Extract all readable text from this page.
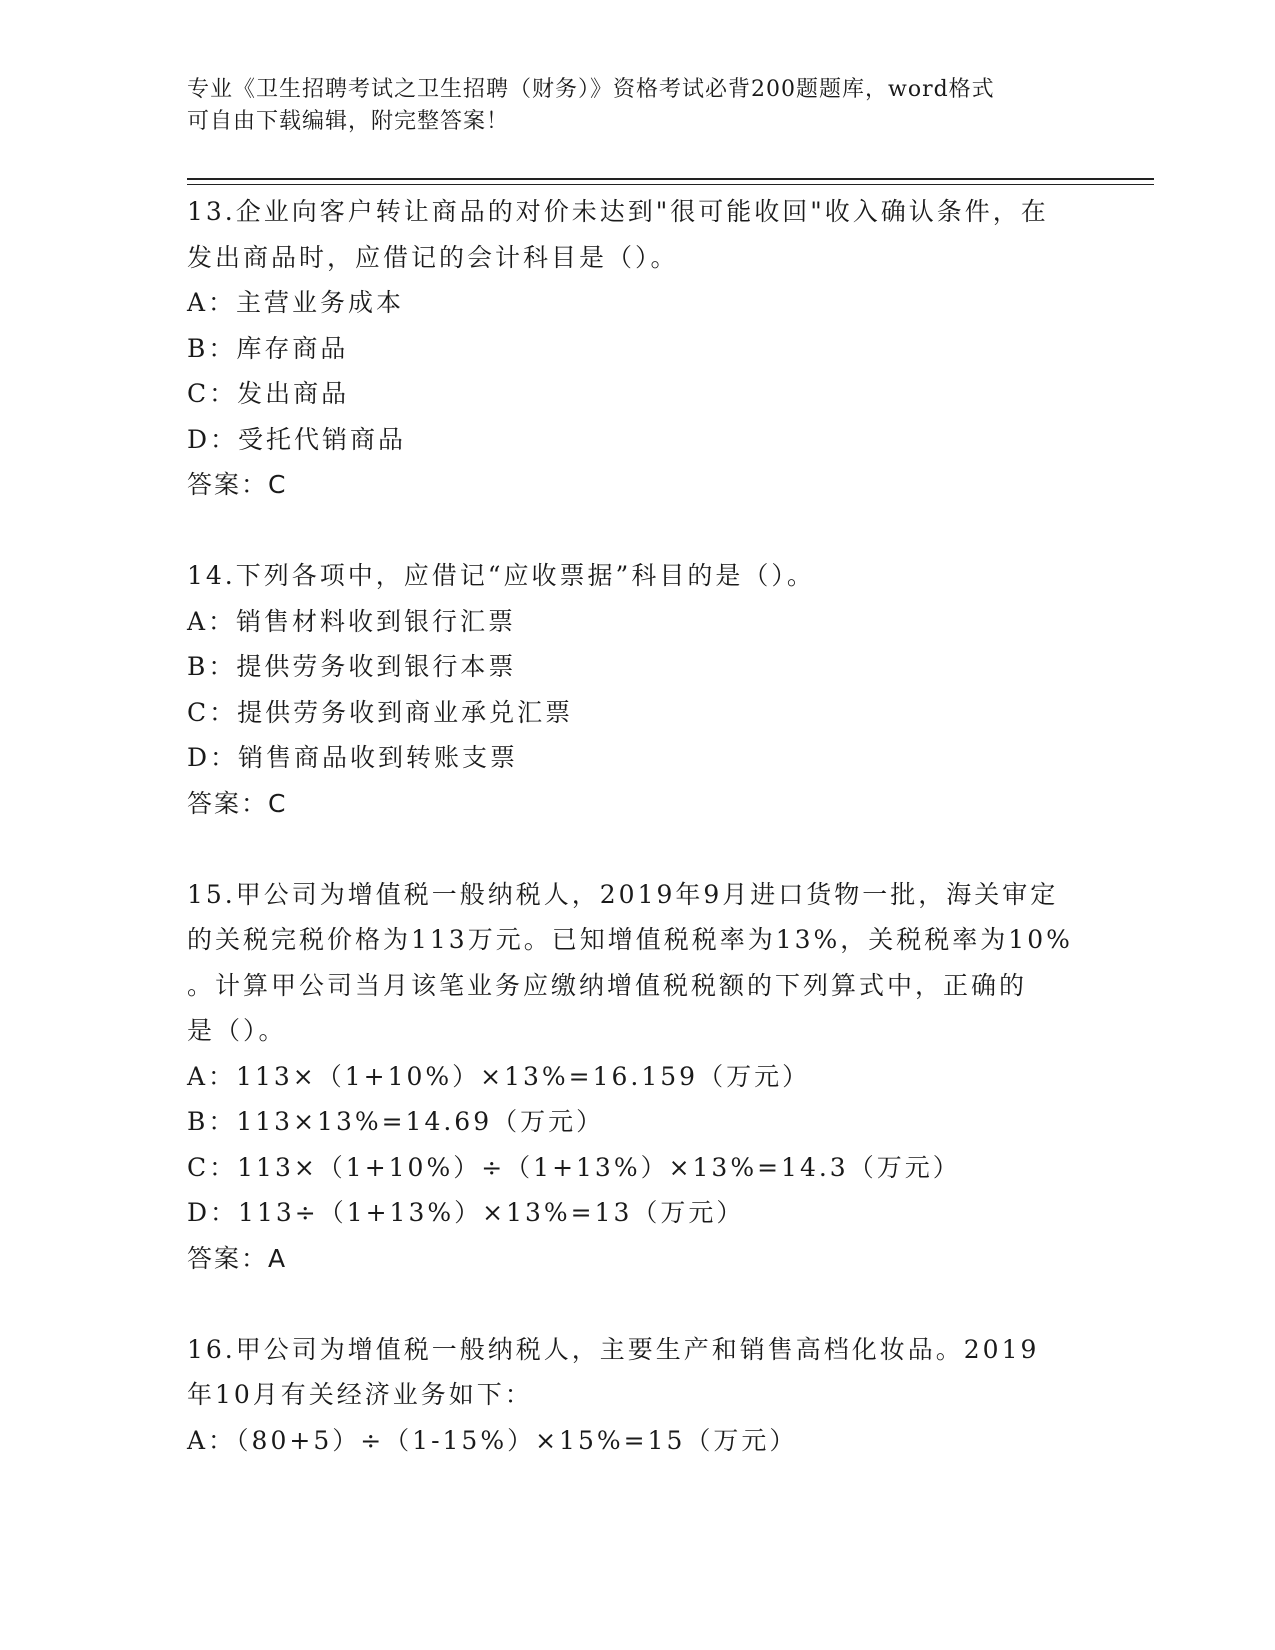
专业《卫生招聘考试之卫生招聘（财务）》资格考试必背200题题库，word格式
可自由下载编辑，附完整答案！
13.企业向客户转让商品的对价未达到"很可能收回"收入确认条件，在
发出商品时，应借记的会计科目是（）。
A：主营业务成本
B：库存商品
C：发出商品
D：受托代销商品
答案：C
14.下列各项中，应借记“应收票据”科目的是（）。
A：销售材料收到银行汇票
B：提供劳务收到银行本票
C：提供劳务收到商业承兑汇票
D：销售商品收到转账支票
答案：C
15.甲公司为增值税一般纳税人，2019年9月进口货物一批，海关审定
的关税完税价格为113万元。已知增值税税率为13%，关税税率为10%
。计算甲公司当月该笔业务应缴纳增值税税额的下列算式中，正确的
是（）。
A：113×（1+10%）×13%=16.159（万元）
B：113×13%=14.69（万元）
C：113×（1+10%）÷（1+13%）×13%=14.3（万元）
D：113÷（1+13%）×13%=13（万元）
答案：A
16.甲公司为增值税一般纳税人，主要生产和销售高档化妆品。2019
年10月有关经济业务如下：
A：（80+5）÷（1-15%）×15%=15（万元）
